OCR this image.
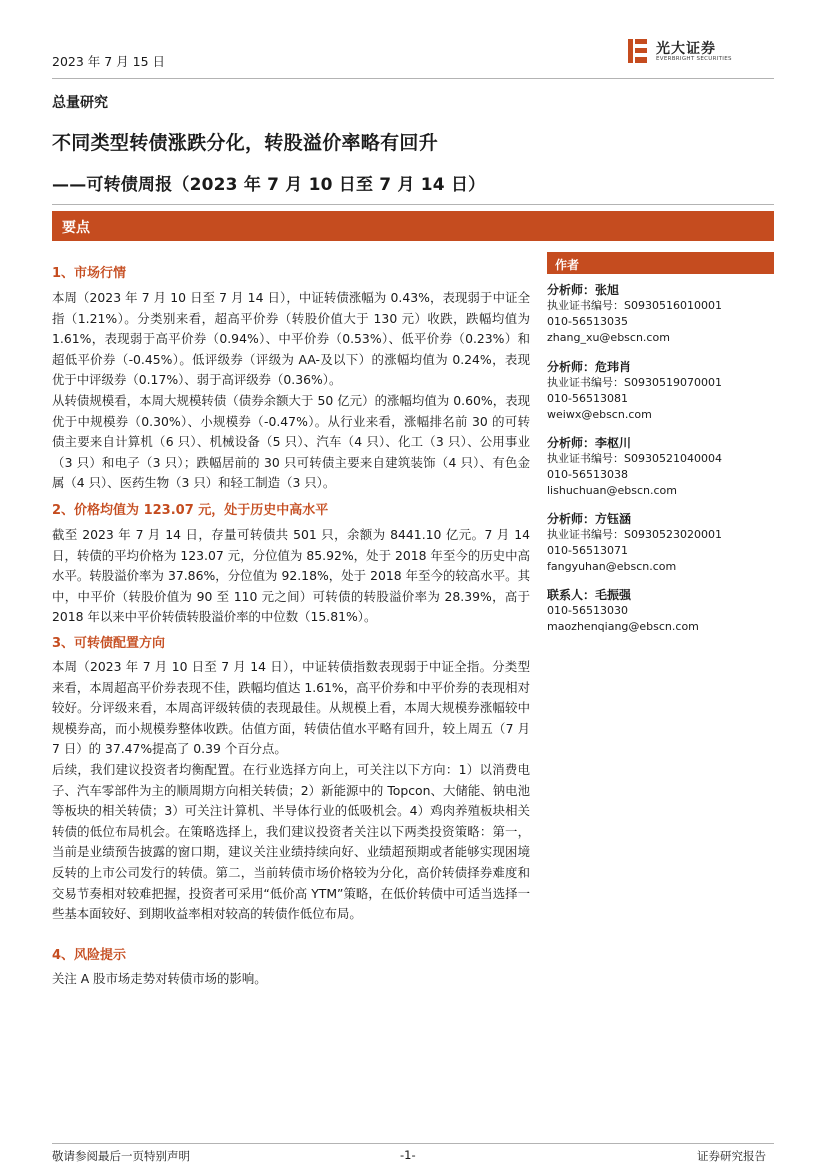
2023 年 7 月 15 日
光大证券
EVERBRIGHT SECURITIES
总量研究
不同类型转债涨跌分化，转股溢价率略有回升
——可转债周报（2023 年 7 月 10 日至 7 月 14 日）
要点
1、市场行情
本周（2023 年 7 月 10 日至 7 月 14 日），中证转债涨幅为 0.43%，表现弱于中证全指（1.21%）。分类别来看，超高平价券（转股价值大于 130 元）收跌，跌幅均值为 1.61%，表现弱于高平价券（0.94%）、中平价券（0.53%）、低平价券（0.23%）和超低平价券（-0.45%）。低评级券（评级为 AA-及以下）的涨幅均值为 0.24%，表现优于中评级券（0.17%）、弱于高评级券（0.36%）。
从转债规模看，本周大规模转债（债券余额大于 50 亿元）的涨幅均值为 0.60%，表现优于中规模券（0.30%）、小规模券（-0.47%）。从行业来看，涨幅排名前 30 的可转债主要来自计算机（6 只）、机械设备（5 只）、汽车（4 只）、化工（3 只）、公用事业（3 只）和电子（3 只）；跌幅居前的 30 只可转债主要来自建筑装饰（4 只）、有色金属（4 只）、医药生物（3 只）和轻工制造（3 只）。
2、价格均值为 123.07 元，处于历史中高水平
截至 2023 年 7 月 14 日，存量可转债共 501 只，余额为 8441.10 亿元。7 月 14 日，转债的平均价格为 123.07 元，分位值为 85.92%，处于 2018 年至今的历史中高水平。转股溢价率为 37.86%，分位值为 92.18%，处于 2018 年至今的较高水平。其中，中平价（转股价值为 90 至 110 元之间）可转债的转股溢价率为 28.39%，高于 2018 年以来中平价转债转股溢价率的中位数（15.81%）。
3、可转债配置方向
本周（2023 年 7 月 10 日至 7 月 14 日），中证转债指数表现弱于中证全指。分类型来看，本周超高平价券表现不佳，跌幅均值达 1.61%，高平价券和中平价券的表现相对较好。分评级来看，本周高评级转债的表现最佳。从规模上看，本周大规模券涨幅较中规模券高，而小规模券整体收跌。估值方面，转债估值水平略有回升，较上周五（7 月 7 日）的 37.47%提高了 0.39 个百分点。
后续，我们建议投资者均衡配置。在行业选择方向上，可关注以下方向：1）以消费电子、汽车零部件为主的顺周期方向相关转债；2）新能源中的 Topcon、大储能、钠电池等板块的相关转债；3）可关注计算机、半导体行业的低吸机会。4）鸡肉养殖板块相关转债的低位布局机会。在策略选择上，我们建议投资者关注以下两类投资策略：第一，当前是业绩预告披露的窗口期，建议关注业绩持续向好、业绩超预期或者能够实现困境反转的上市公司发行的转债。第二，当前转债市场价格较为分化，高价转债择券难度和交易节奏相对较难把握，投资者可采用“低价高 YTM”策略，在低价转债中可适当选择一些基本面较好、到期收益率相对较高的转债作低位布局。
4、风险提示
关注 A 股市场走势对转债市场的影响。
作者
分析师：张旭
执业证书编号：S0930516010001
010-56513035
zhang_xu@ebscn.com
分析师：危玮肖
执业证书编号：S0930519070001
010-56513081
weiwx@ebscn.com
分析师：李枢川
执业证书编号：S0930521040004
010-56513038
lishuchuan@ebscn.com
分析师：方钰涵
执业证书编号：S0930523020001
010-56513071
fangyuhan@ebscn.com
联系人：毛振强
010-56513030
maozhenqiang@ebscn.com
敬请参阅最后一页特别声明	-1-	证券研究报告
